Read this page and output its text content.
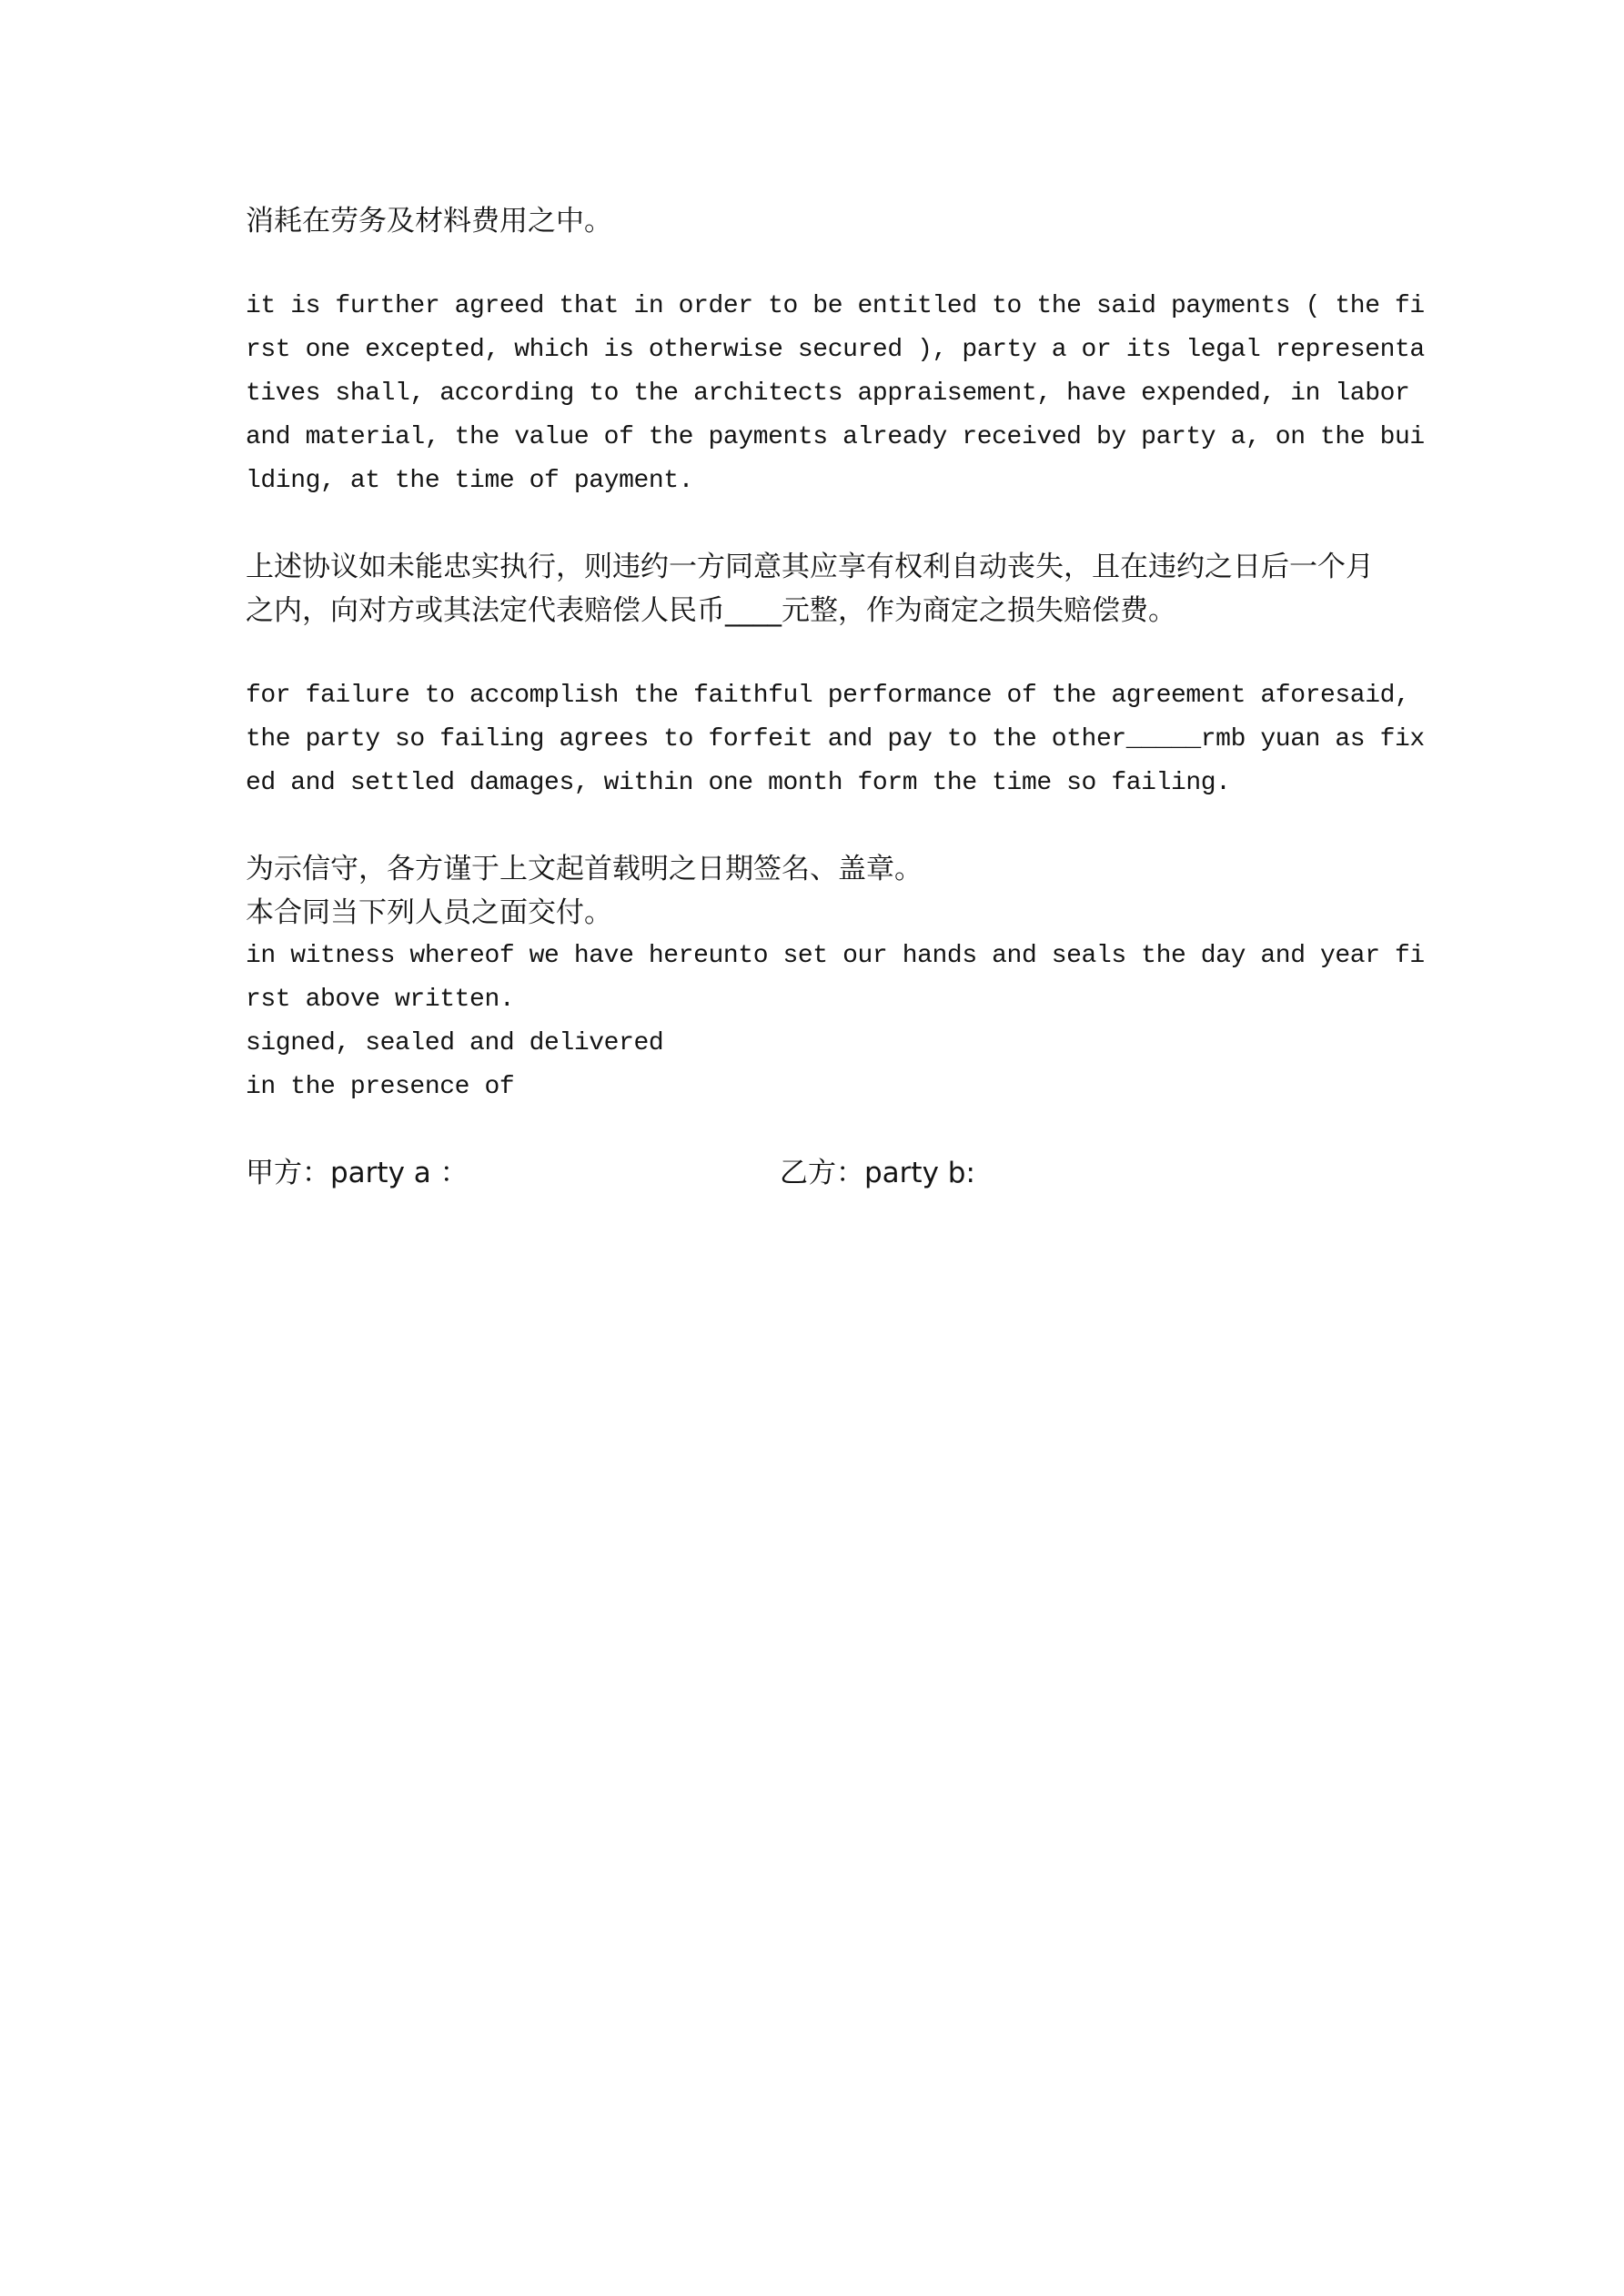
消耗在劳务及材料费用之中。
it is further agreed that in order to be entitled to the said payments ( the fi
rst one excepted, which is otherwise secured ), party a or its legal representa
tives shall, according to the architects appraisement, have expended, in labor
and material, the value of the payments already received by party a, on the bui
lding, at the time of payment.
上述协议如未能忠实执行，则违约一方同意其应享有权利自动丧失，且在违约之日后一个月
之内，向对方或其法定代表赔偿人民币____元整，作为商定之损失赔偿费。
for failure to accomplish the faithful performance of the agreement aforesaid,
the party so failing agrees to forfeit and pay to the other_____rmb yuan as fix
ed and settled damages, within one month form the time so failing.
为示信守，各方谨于上文起首载明之日期签名、盖章。
本合同当下列人员之面交付。
in witness whereof we have hereunto set our hands and seals the day and year fi
rst above written.
signed, sealed and delivered
in the presence of
甲方：party a ：	乙方：party b:
